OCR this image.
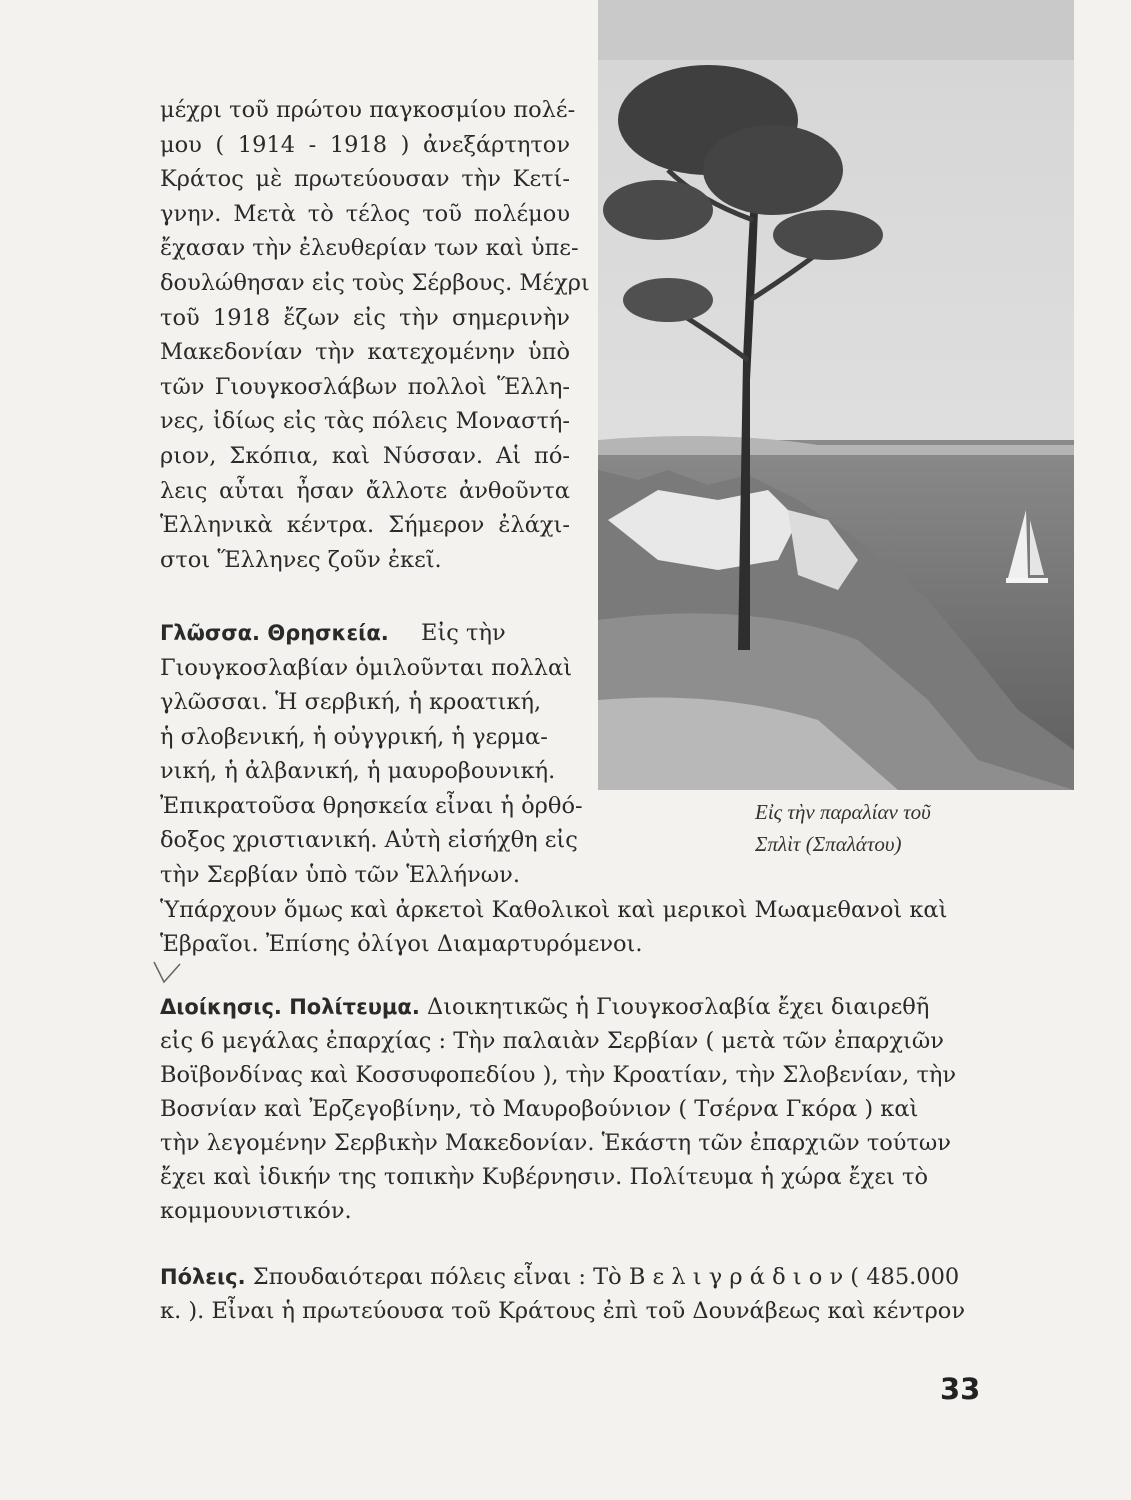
Εἰς τὴν παραλίαν τοῦ
Σπλὶτ (Σπαλάτου)
μέχρι τοῦ πρώτου παγκοσμίου πολέ-
μου ( 1914 - 1918 ) ἀνεξάρτητον
Κράτος μὲ πρωτεύουσαν τὴν Κετί-
γνην. Μετὰ τὸ τέλος τοῦ πολέμου
ἔχασαν τὴν ἐλευθερίαν των καὶ ὑπε-
δουλώθησαν εἰς τοὺς Σέρβους. Μέχρι
τοῦ 1918 ἔζων εἰς τὴν σημερινὴν
Μακεδονίαν τὴν κατεχομένην ὑπὸ
τῶν Γιουγκοσλάβων πολλοὶ Ἕλλη-
νες, ἰδίως εἰς τὰς πόλεις Μοναστή-
ριον, Σκόπια, καὶ Νύσσαν. Αἱ πό-
λεις αὗται ἦσαν ἄλλοτε ἀνθοῦντα
Ἑλληνικὰ κέντρα. Σήμερον ἐλάχι-
στοι Ἕλληνες ζοῦν ἐκεῖ.
Γλῶσσα. Θρησκεία. Εἰς τὴν
Γιουγκοσλαβίαν ὁμιλοῦνται πολλαὶ
γλῶσσαι. Ἡ σερβική, ἡ κροατική,
ἡ σλοβενική, ἡ οὐγγρική, ἡ γερμα-
νική, ἡ ἀλβανική, ἡ μαυροβουνική.
Ἐπικρατοῦσα θρησκεία εἶναι ἡ ὀρθό-
δοξος χριστιανική. Αὐτὴ εἰσήχθη εἰς
τὴν Σερβίαν ὑπὸ τῶν Ἑλλήνων.
Ὑπάρχουν ὅμως καὶ ἀρκετοὶ Καθολικοὶ καὶ μερικοὶ Μωαμεθανοὶ καὶ
Ἑβραῖοι. Ἐπίσης ὀλίγοι Διαμαρτυρόμενοι.
Διοίκησις. Πολίτευμα. Διοικητικῶς ἡ Γιουγκοσλαβία ἔχει διαιρεθῆ
εἰς 6 μεγάλας ἐπαρχίας : Τὴν παλαιὰν Σερβίαν ( μετὰ τῶν ἐπαρχιῶν
Βοϊβονδίνας καὶ Κοσσυφοπεδίου ), τὴν Κροατίαν, τὴν Σλοβενίαν, τὴν
Βοσνίαν καὶ Ἐρζεγοβίνην, τὸ Μαυροβούνιον ( Τσέρνα Γκόρα ) καὶ
τὴν λεγομένην Σερβικὴν Μακεδονίαν. Ἑκάστη τῶν ἐπαρχιῶν τούτων
ἔχει καὶ ἰδικήν της τοπικὴν Κυβέρνησιν. Πολίτευμα ἡ χώρα ἔχει τὸ
κομμουνιστικόν.
Πόλεις. Σπουδαιότεραι πόλεις εἶναι : Τὸ Β ε λ ι γ ρ ά δ ι ο ν ( 485.000
κ. ). Εἶναι ἡ πρωτεύουσα τοῦ Κράτους ἐπὶ τοῦ Δουνάβεως καὶ κέντρον
33
